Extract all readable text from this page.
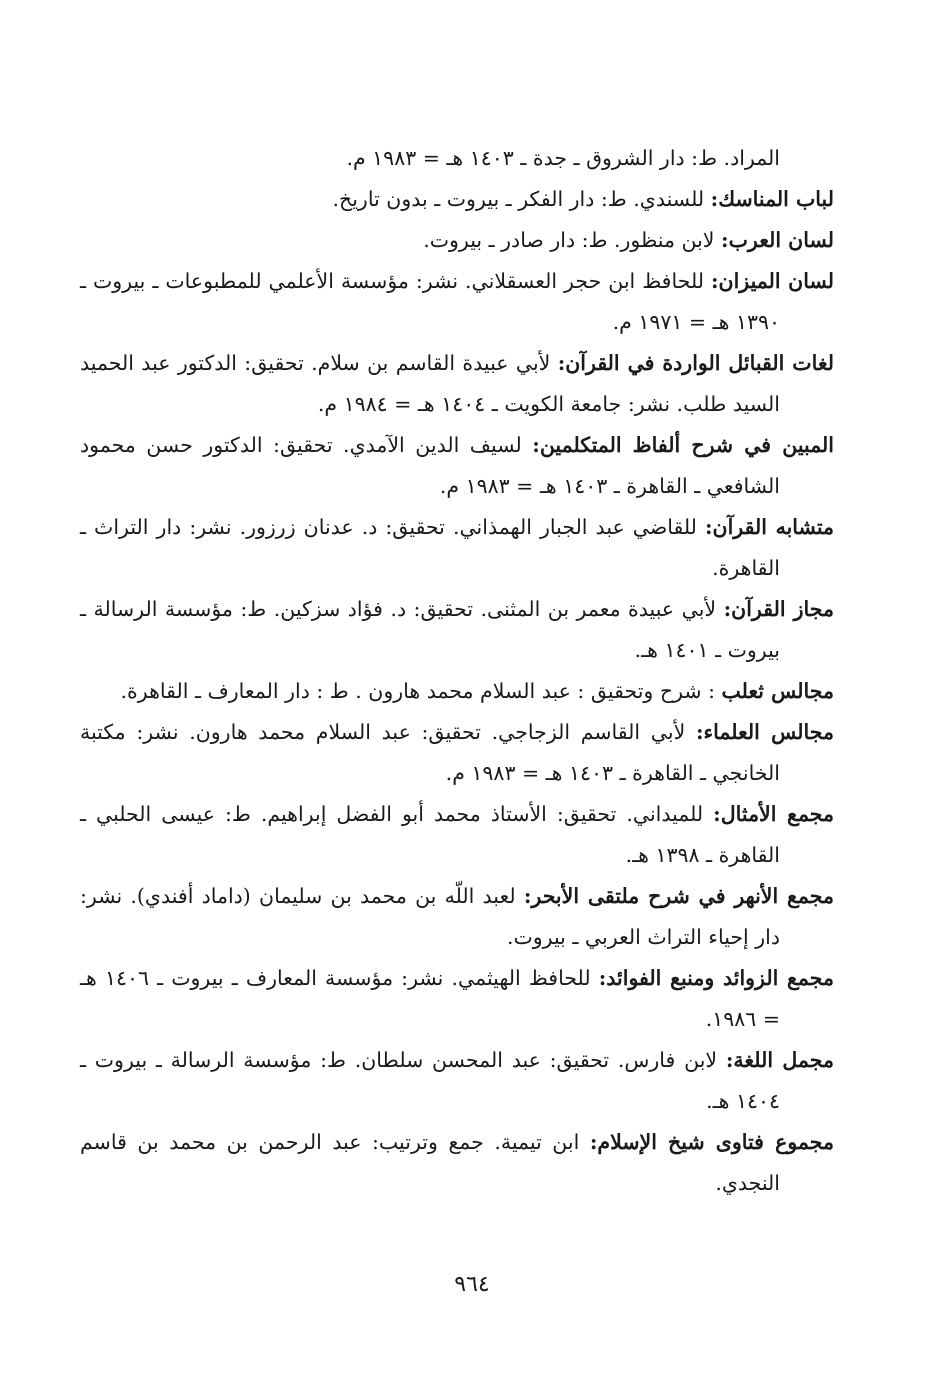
المراد. ط: دار الشروق ـ جدة ـ ١٤٠٣ هـ = ١٩٨٣ م.

لباب المناسك: للسندي. ط: دار الفكر ـ بيروت ـ بدون تاريخ.

لسان العرب: لابن منظور. ط: دار صادر ـ بيروت.

لسان الميزان: للحافظ ابن حجر العسقلاني. نشر: مؤسسة الأعلمي للمطبوعات ـ بيروت ـ ١٣٩٠ هـ = ١٩٧١ م.

لغات القبائل الواردة في القرآن: لأبي عبيدة القاسم بن سلام. تحقيق: الدكتور عبد الحميد السيد طلب. نشر: جامعة الكويت ـ ١٤٠٤ هـ = ١٩٨٤ م.

المبين في شرح ألفاظ المتكلمين: لسيف الدين الآمدي. تحقيق: الدكتور حسن محمود الشافعي ـ القاهرة ـ ١٤٠٣ هـ = ١٩٨٣ م.

متشابه القرآن: للقاضي عبد الجبار الهمذاني. تحقيق: د. عدنان زرزور. نشر: دار التراث ـ القاهرة.

مجاز القرآن: لأبي عبيدة معمر بن المثنى. تحقيق: د. فؤاد سزكين. ط: مؤسسة الرسالة ـ بيروت ـ ١٤٠١ هـ.

مجالس ثعلب : شرح وتحقيق : عبد السلام محمد هارون . ط : دار المعارف ـ القاهرة.

مجالس العلماء: لأبي القاسم الزجاجي. تحقيق: عبد السلام محمد هارون. نشر: مكتبة الخانجي ـ القاهرة ـ ١٤٠٣ هـ = ١٩٨٣ م.

مجمع الأمثال: للميداني. تحقيق: الأستاذ محمد أبو الفضل إبراهيم. ط: عيسى الحلبي ـ القاهرة ـ ١٣٩٨ هـ.

مجمع الأنهر في شرح ملتقى الأبحر: لعبد اللّه بن محمد بن سليمان (داماد أفندي). نشر: دار إحياء التراث العربي ـ بيروت.

مجمع الزوائد ومنبع الفوائد: للحافظ الهيثمي. نشر: مؤسسة المعارف ـ بيروت ـ ١٤٠٦ هـ = ١٩٨٦.

مجمل اللغة: لابن فارس. تحقيق: عبد المحسن سلطان. ط: مؤسسة الرسالة ـ بيروت ـ ١٤٠٤ هـ.

مجموع فتاوى شيخ الإسلام: ابن تيمية. جمع وترتيب: عبد الرحمن بن محمد بن قاسم النجدي.

٩٦٤
